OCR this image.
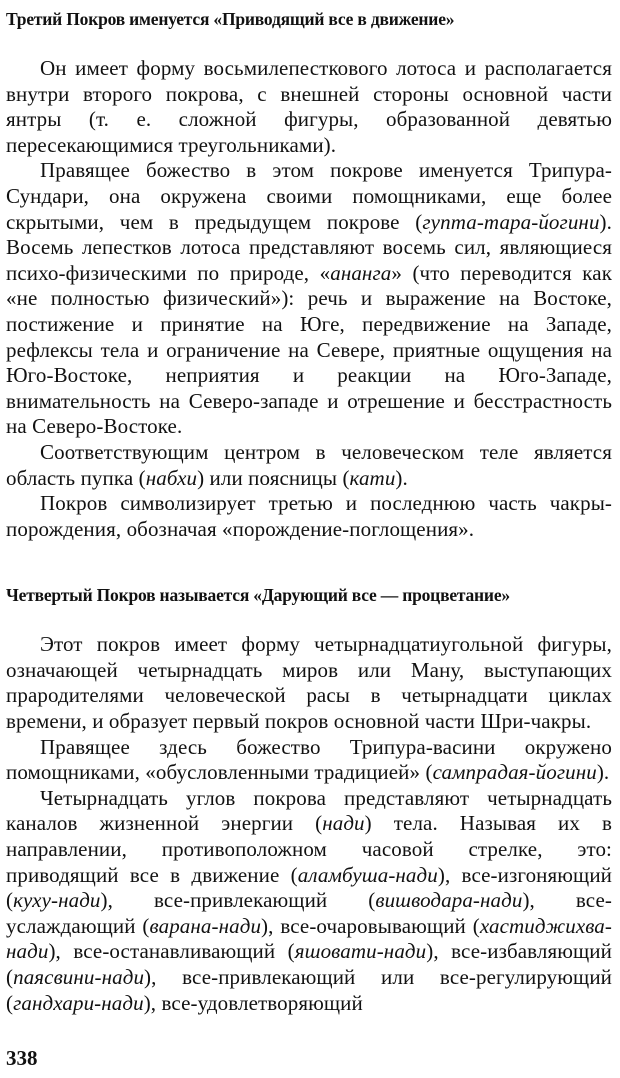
Третий Покров именуется «Приводящий все в движение»

Он имеет форму восьмилепесткового лотоса и располагается внутри второго покрова, с внешней стороны основной части янтры (т. е. сложной фигуры, образованной девятью пересекающимися треугольниками).

Правящее божество в этом покрове именуется Трипура-Сундари, она окружена своими помощниками, еще более скрытыми, чем в предыдущем покрове (гупта-тара-йогини). Восемь лепестков лотоса представляют восемь сил, являющиеся психо-физическими по природе, «ананга» (что переводится как «не полностью физический»): речь и выражение на Востоке, постижение и принятие на Юге, передвижение на Западе, рефлексы тела и ограничение на Севере, приятные ощущения на Юго-Востоке, неприятия и реакции на Юго-Западе, внимательность на Северо-западе и отрешение и бесстрастность на Северо-Востоке.

Соответствующим центром в человеческом теле является область пупка (набхи) или поясницы (кати).

Покров символизирует третью и последнюю часть чакры-порождения, обозначая «порождение-поглощения».

Четвертый Покров называется «Дарующий все — процветание»

Этот покров имеет форму четырнадцатиугольной фигуры, означающей четырнадцать миров или Ману, выступающих прародителями человеческой расы в четырнадцати циклах времени, и образует первый покров основной части Шри-чакры.

Правящее здесь божество Трипура-васини окружено помощниками, «обусловленными традицией» (сампрадая-йогини).

Четырнадцать углов покрова представляют четырнадцать каналов жизненной энергии (нади) тела. Называя их в направлении, противоположном часовой стрелке, это: приводящий все в движение (аламбуша-нади), все-изгоняющий (куху-нади), все-привлекающий (вишводара-нади), все-услаждающий (варана-нади), все-очаровывающий (хастиджихва-нади), все-останавливающий (яшовати-нади), все-избавляющий (паясвини-нади), все-привлекающий или все-регулирующий (гандхари-нади), все-удовлетворяющий

338
